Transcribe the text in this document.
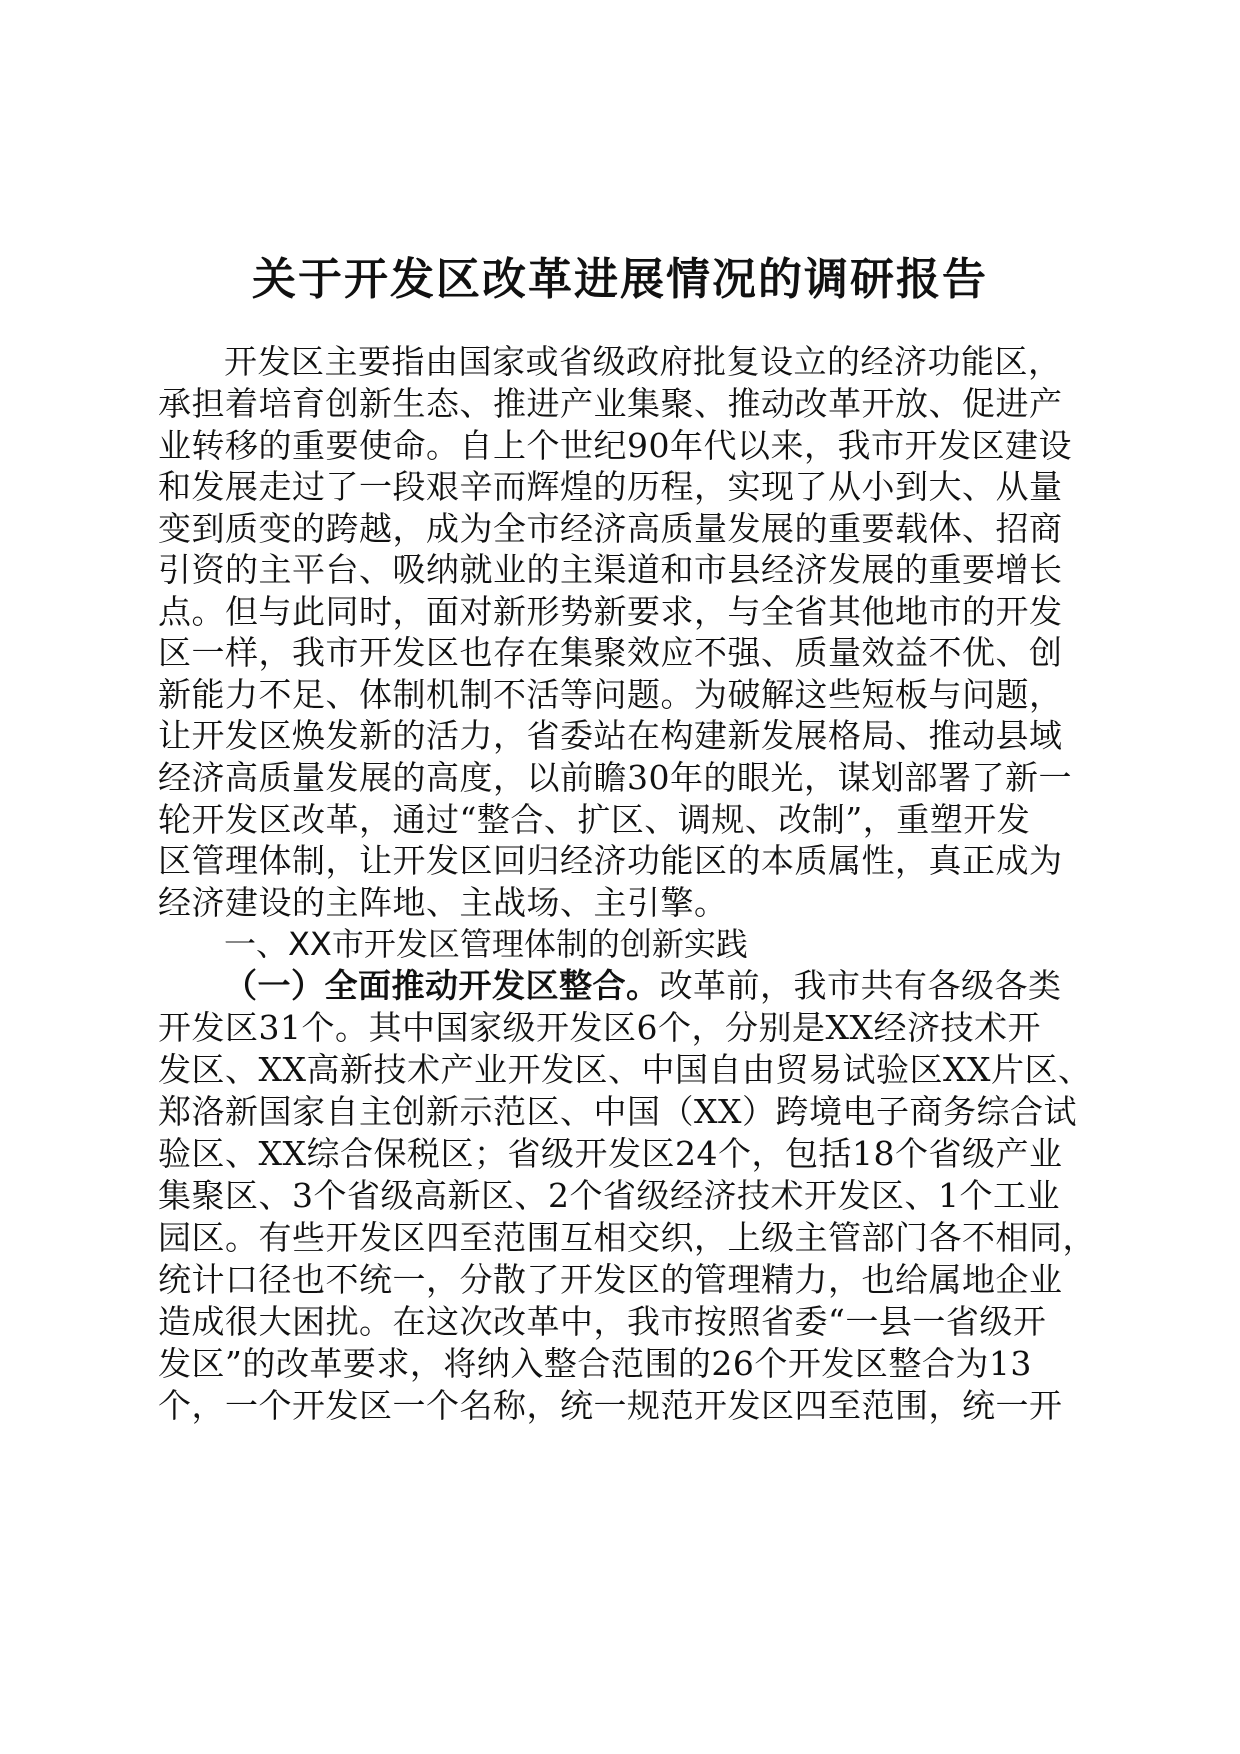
关于开发区改革进展情况的调研报告
开发区主要指由国家或省级政府批复设立的经济功能区，
承担着培育创新生态、推进产业集聚、推动改革开放、促进产
业转移的重要使命。自上个世纪90年代以来，我市开发区建设
和发展走过了一段艰辛而辉煌的历程，实现了从小到大、从量
变到质变的跨越，成为全市经济高质量发展的重要载体、招商
引资的主平台、吸纳就业的主渠道和市县经济发展的重要增长
点。但与此同时，面对新形势新要求，与全省其他地市的开发
区一样，我市开发区也存在集聚效应不强、质量效益不优、创
新能力不足、体制机制不活等问题。为破解这些短板与问题，
让开发区焕发新的活力，省委站在构建新发展格局、推动县域
经济高质量发展的高度，以前瞻30年的眼光，谋划部署了新一
轮开发区改革，通过“整合、扩区、调规、改制”，重塑开发
区管理体制，让开发区回归经济功能区的本质属性，真正成为
经济建设的主阵地、主战场、主引擎。
一、XX市开发区管理体制的创新实践
（一）全面推动开发区整合。改革前，我市共有各级各类
开发区31个。其中国家级开发区6个，分别是XX经济技术开
发区、XX高新技术产业开发区、中国自由贸易试验区XX片区、
郑洛新国家自主创新示范区、中国（XX）跨境电子商务综合试
验区、XX综合保税区；省级开发区24个，包括18个省级产业
集聚区、3个省级高新区、2个省级经济技术开发区、1个工业
园区。有些开发区四至范围互相交织，上级主管部门各不相同，
统计口径也不统一，分散了开发区的管理精力，也给属地企业
造成很大困扰。在这次改革中，我市按照省委“一县一省级开
发区”的改革要求，将纳入整合范围的26个开发区整合为13
个，一个开发区一个名称，统一规范开发区四至范围，统一开
